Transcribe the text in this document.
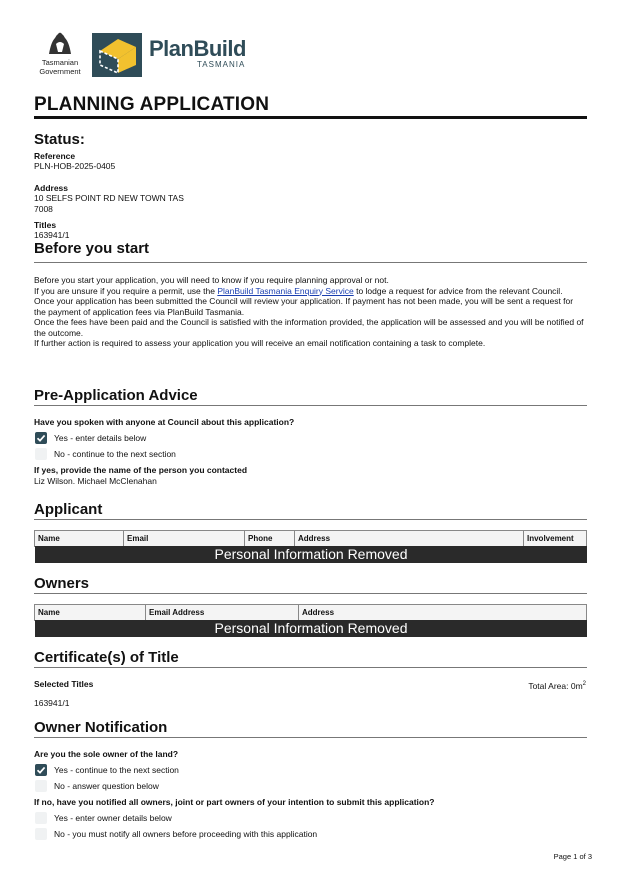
Tasmanian
Government
PlanBuild
TASMANIA
PLANNING APPLICATION
Status:
Reference
PLN-HOB-2025-0405
Address
10 SELFS POINT RD NEW TOWN TAS
7008
Titles
163941/1
Before you start

Before you start your application, you will need to know if you require planning approval or not.

If you are unsure if you require a permit, use the PlanBuild Tasmania Enquiry Service to lodge a request for advice from the relevant Council.

Once your application has been submitted the Council will review your application. If payment has not been made, you will be sent a request for the payment of application fees via PlanBuild Tasmania.

Once the fees have been paid and the Council is satisfied with the information provided, the application will be assessed and you will be notified of the outcome.

If further action is required to assess your application you will receive an email notification containing a task to complete.

Pre-Application Advice
Have you spoken with anyone at Council about this application?
Yes - enter details below
No - continue to the next section
If yes, provide the name of the person you contacted
Liz Wilson. Michael McClenahan
Applicant
Name	Email	Phone	Address	Involvement
Personal Information Removed
Owners
Name	Email Address	Address
Personal Information Removed
Certificate(s) of Title
Selected Titles	Total Area: $0m^2$
163941/1
Owner Notification
Are you the sole owner of the land?
Yes - continue to the next section
No - answer question below
If no, have you notified all owners, joint or part owners of your intention to submit this application?
Yes - enter owner details below
No - you must notify all owners before proceeding with this application
Page 1 of 3
